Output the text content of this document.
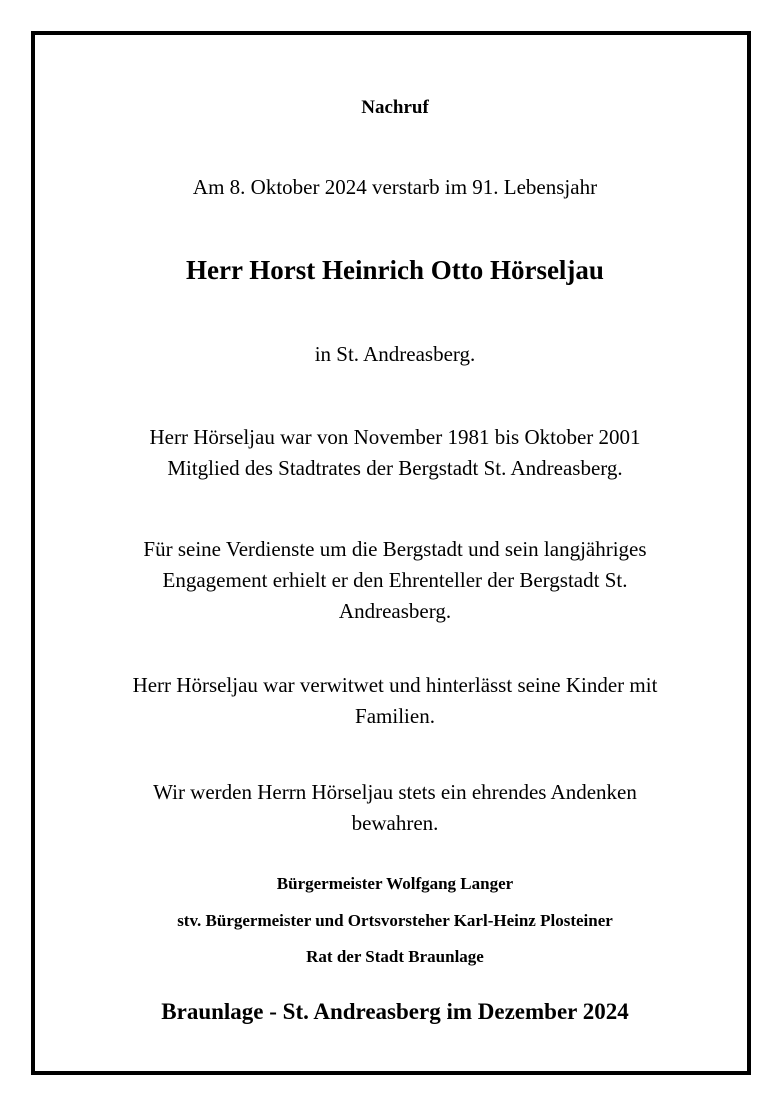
Nachruf
Am 8. Oktober 2024 verstarb im 91. Lebensjahr
Herr Horst Heinrich Otto Hörseljau
in St. Andreasberg.
Herr Hörseljau war von November 1981 bis Oktober 2001
Mitglied des Stadtrates der Bergstadt St. Andreasberg.
Für seine Verdienste um die Bergstadt und sein langjähriges
Engagement erhielt er den Ehrenteller der Bergstadt St.
Andreasberg.
Herr Hörseljau war verwitwet und hinterlässt seine Kinder mit
Familien.
Wir werden Herrn Hörseljau stets ein ehrendes Andenken
bewahren.
Bürgermeister Wolfgang Langer
stv. Bürgermeister und Ortsvorsteher Karl-Heinz Plosteiner
Rat der Stadt Braunlage
Braunlage - St. Andreasberg im Dezember 2024
